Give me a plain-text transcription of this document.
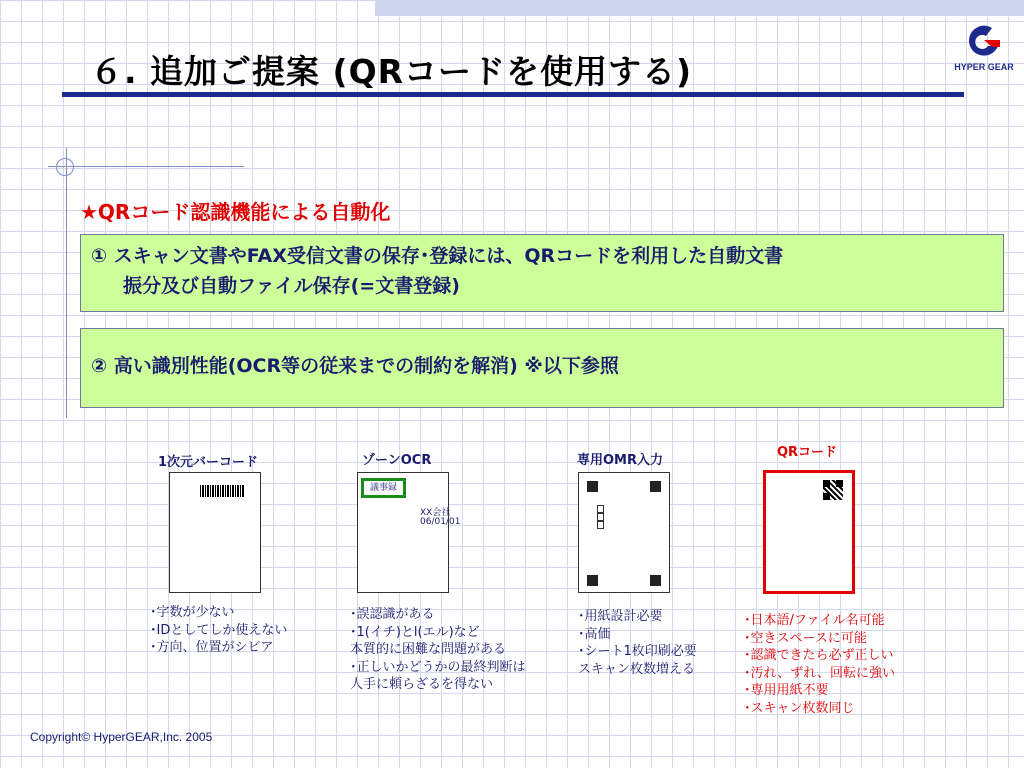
６. 追加ご提案 (QRコードを使用する)	HYPER GEAR
★QRコード認識機能による自動化
① スキャン文書やFAX受信文書の保存･登録には、QRコードを利用した自動文書
振分及び自動ファイル保存(=文書登録)
② 高い識別性能(OCR等の従来までの制約を解消) ※以下参照
1次元バーコード
･字数が少ない
･IDとしてしか使えない
･方向、位置がシビア
ゾーンOCR
議事録
XX会社
06/01/01
･誤認識がある
･1(イチ)とl(エル)など
本質的に困難な問題がある
･正しいかどうかの最終判断は
人手に頼らざるを得ない
専用OMR入力
･用紙設計必要
･高価
･シート1枚印刷必要
スキャン枚数増える
QRコード
･日本語/ファイル名可能
･空きスペースに可能
･認識できたら必ず正しい
･汚れ、ずれ、回転に強い
･専用用紙不要
･スキャン枚数同じ
Copyright© HyperGEAR,Inc. 2005
